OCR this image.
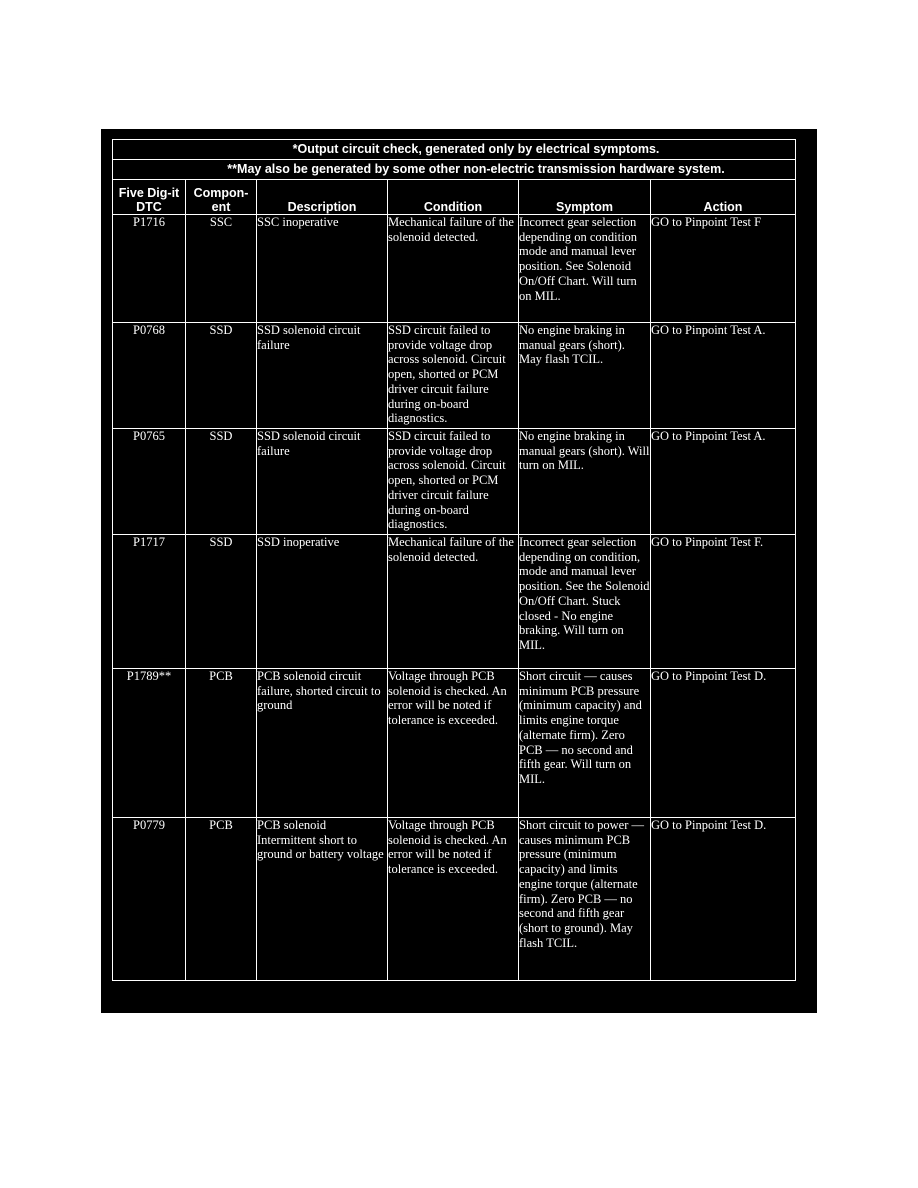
*Output circuit check, generated only by electrical symptoms.					
**May also be generated by some other non-electric transmission hardware system.					
Five Dig-it DTC	Compon-ent	Description	Condition	Symptom	Action
P1716	SSC	SSC inoperative	Mechanical failure of the solenoid detected.	Incorrect gear selection depending on condition mode and manual lever position. See Solenoid On/Off Chart. Will turn on MIL.	GO to Pinpoint Test F
P0768	SSD	SSD solenoid circuit failure	SSD circuit failed to provide voltage drop across solenoid. Circuit open, shorted or PCM driver circuit failure during on-board diagnostics.	No engine braking in manual gears (short). May flash TCIL.	GO to Pinpoint Test A.
P0765	SSD	SSD solenoid circuit failure	SSD circuit failed to provide voltage drop across solenoid. Circuit open, shorted or PCM driver circuit failure during on-board diagnostics.	No engine braking in manual gears (short). Will turn on MIL.	GO to Pinpoint Test A.
P1717	SSD	SSD inoperative	Mechanical failure of the solenoid detected.	Incorrect gear selection depending on condition, mode and manual lever position. See the Solenoid On/Off Chart. Stuck closed - No engine braking. Will turn on MIL.	GO to Pinpoint Test F.
P1789**	PCB	PCB solenoid circuit failure, shorted circuit to ground	Voltage through PCB solenoid is checked. An error will be noted if tolerance is exceeded.	Short circuit — causes minimum PCB pressure (minimum capacity) and limits engine torque (alternate firm). Zero PCB — no second and fifth gear. Will turn on MIL.	GO to Pinpoint Test D.
P0779	PCB	PCB solenoid Intermittent short to ground or battery voltage	Voltage through PCB solenoid is checked. An error will be noted if tolerance is exceeded.	Short circuit to power — causes minimum PCB pressure (minimum capacity) and limits engine torque (alternate firm). Zero PCB — no second and fifth gear (short to ground). May flash TCIL.	GO to Pinpoint Test D.
